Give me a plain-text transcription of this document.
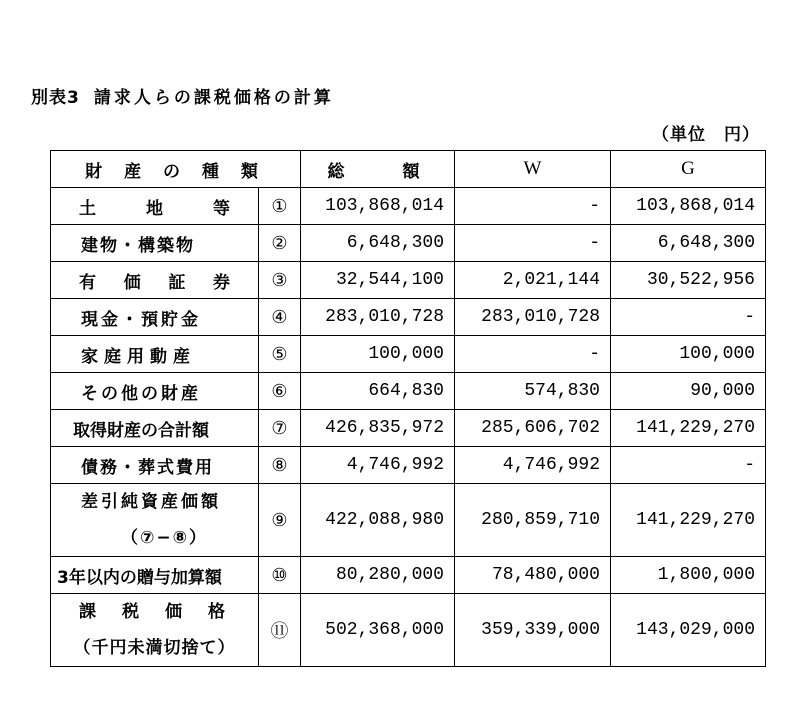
別表3 請求人らの課税価格の計算
（単位　円）
財 産 の 種 類		総　　額	W	G
土　地　等	①	103,868,014	-	103,868,014
建物・構築物	②	6,648,300	-	6,648,300
有 価 証 券	③	32,544,100	2,021,144	30,522,956
現金・預貯金	④	283,010,728	283,010,728	-
家庭用動産	⑤	100,000	-	100,000
その他の財産	⑥	664,830	574,830	90,000
取得財産の合計額	⑦	426,835,972	285,606,702	141,229,270
債務・葬式費用	⑧	4,746,992	4,746,992	-

差引純資産価額
（⑦−⑧）	⑨	422,088,980	280,859,710	141,229,270
3年以内の贈与加算額	⑩	80,280,000	78,480,000	1,800,000

課 税 価 格
（千円未満切捨て）	⑪	502,368,000	359,339,000	143,029,000
